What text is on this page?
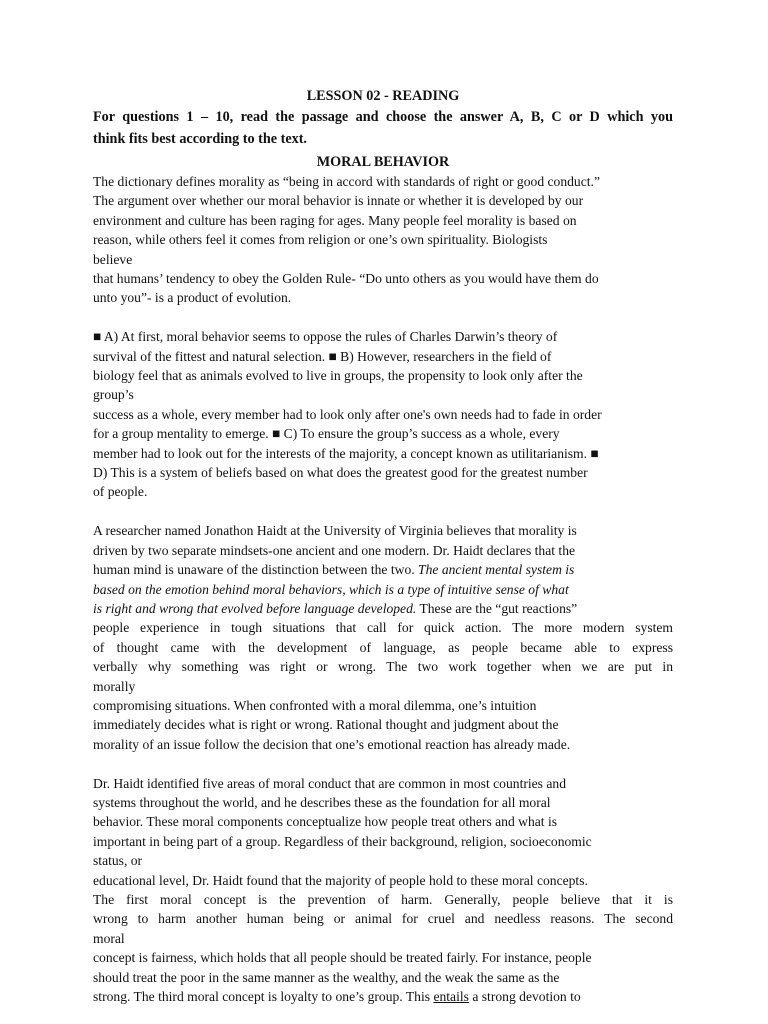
LESSON 02 - READING

For questions 1 – 10, read the passage and choose the answer A, B, C or D which you
think fits best according to the text.

MORAL BEHAVIOR

The dictionary defines morality as “being in accord with standards of right or good conduct.”
The argument over whether our moral behavior is innate or whether it is developed by our
environment and culture has been raging for ages. Many people feel morality is based on
reason, while others feel it comes from religion or one’s own spirituality. Biologists
believe
that humans’ tendency to obey the Golden Rule- “Do unto others as you would have them do
unto you”- is a product of evolution.

■ A) At first, moral behavior seems to oppose the rules of Charles Darwin’s theory of
survival of the fittest and natural selection. ■ B) However, researchers in the field of
biology feel that as animals evolved to live in groups, the propensity to look only after the
group’s
success as a whole, every member had to look only after one's own needs had to fade in order
for a group mentality to emerge. ■ C) To ensure the group’s success as a whole, every
member had to look out for the interests of the majority, a concept known as utilitarianism. ■
D) This is a system of beliefs based on what does the greatest good for the greatest number
of people.

A researcher named Jonathon Haidt at the University of Virginia believes that morality is
driven by two separate mindsets-one ancient and one modern. Dr. Haidt declares that the
human mind is unaware of the distinction between the two. The ancient mental system is
based on the emotion behind moral behaviors, which is a type of intuitive sense of what
is right and wrong that evolved before language developed. These are the “gut reactions”
people experience in tough situations that call for quick action. The more modern system
of thought came with the development of language, as people became able to express
verbally why something was right or wrong. The two work together when we are put in
morally
compromising situations. When confronted with a moral dilemma, one’s intuition
immediately decides what is right or wrong. Rational thought and judgment about the
morality of an issue follow the decision that one’s emotional reaction has already made.

Dr. Haidt identified five areas of moral conduct that are common in most countries and
systems throughout the world, and he describes these as the foundation for all moral
behavior. These moral components conceptualize how people treat others and what is
important in being part of a group. Regardless of their background, religion, socioeconomic
status, or
educational level, Dr. Haidt found that the majority of people hold to these moral concepts.
The first moral concept is the prevention of harm. Generally, people believe that it is
wrong to harm another human being or animal for cruel and needless reasons. The second
moral
concept is fairness, which holds that all people should be treated fairly. For instance, people
should treat the poor in the same manner as the wealthy, and the weak the same as the
strong. The third moral concept is loyalty to one’s group. This entails a strong devotion to
